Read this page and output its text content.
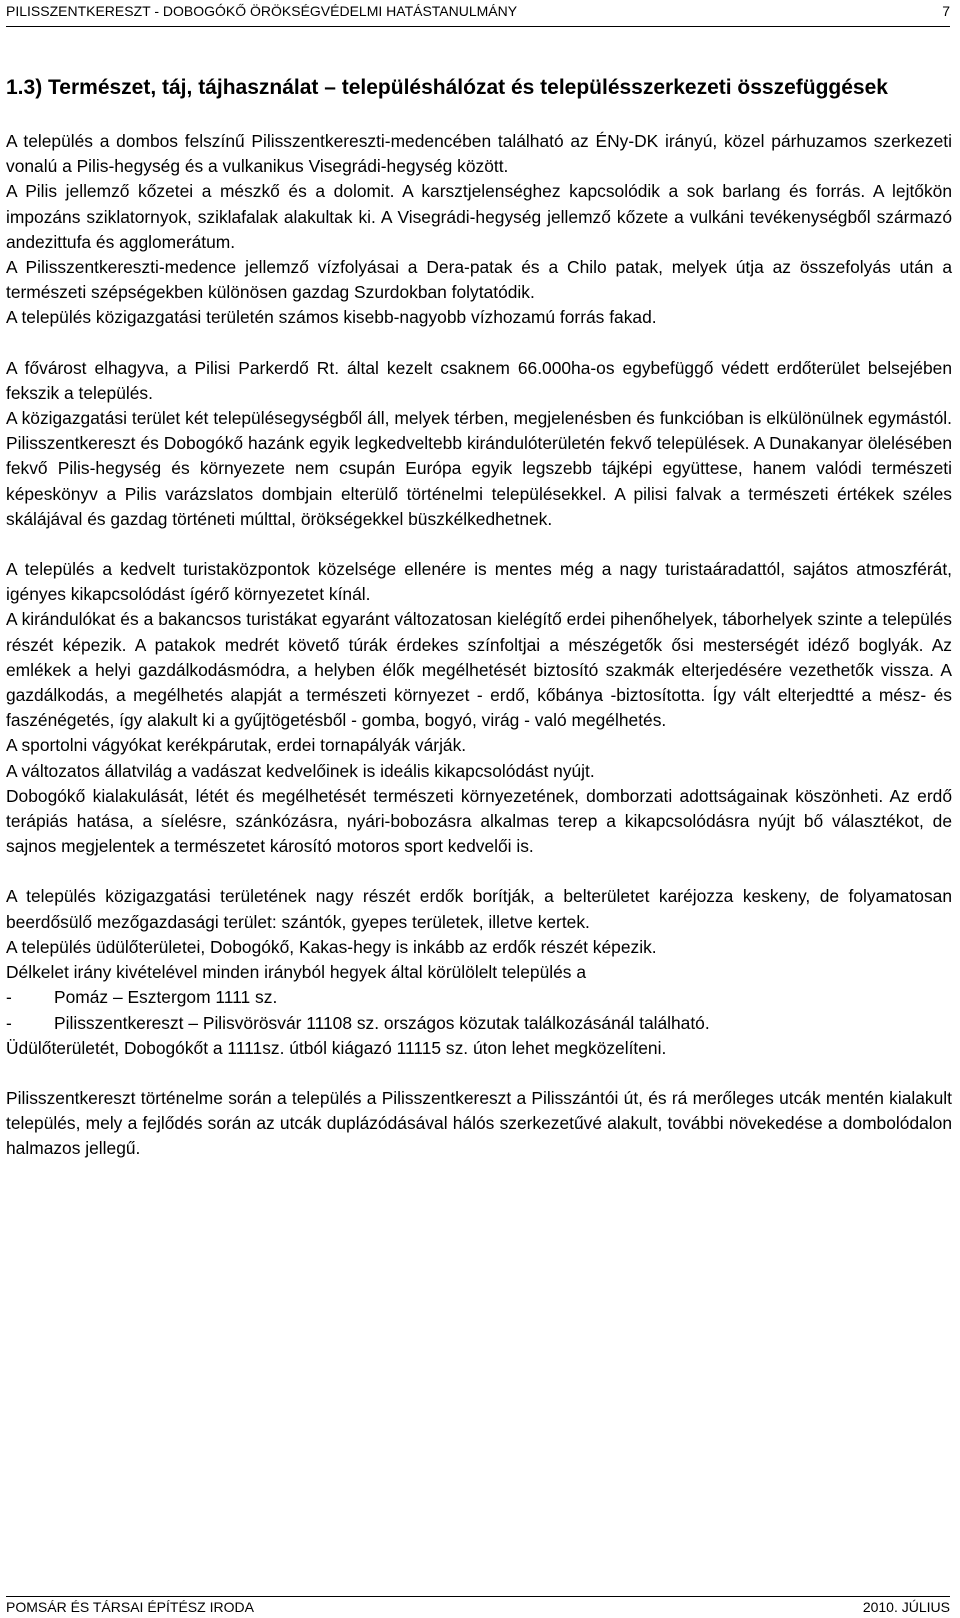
PILISSZENTKERESZT - DOBOGÓKŐ ÖRÖKSÉGVÉDELMI HATÁSTANULMÁNY	7
1.3) Természet, táj, tájhasználat – településhálózat és településszerkezeti összefüggések

A település a dombos felszínű Pilisszentkereszti-medencében található az ÉNy-DK irányú, közel párhuzamos szerkezeti vonalú a Pilis-hegység és a vulkanikus Visegrádi-hegység között.

A Pilis jellemző kőzetei a mészkő és a dolomit. A karsztjelenséghez kapcsolódik a sok barlang és forrás. A lejtőkön impozáns sziklatornyok, sziklafalak alakultak ki. A Visegrádi-hegység jellemző kőzete a vulkáni tevékenységből származó andezittufa és agglomerátum.

A Pilisszentkereszti-medence jellemző vízfolyásai a Dera-patak és a Chilo patak, melyek útja az összefolyás után a természeti szépségekben különösen gazdag Szurdokban folytatódik.

A település közigazgatási területén számos kisebb-nagyobb vízhozamú forrás fakad.

A fővárost elhagyva, a Pilisi Parkerdő Rt. által kezelt csaknem 66.000ha-os egybefüggő védett erdőterület belsejében fekszik a település.

A közigazgatási terület két településegységből áll, melyek térben, megjelenésben és funkcióban is elkülönülnek egymástól. Pilisszentkereszt és Dobogókő hazánk egyik legkedveltebb kirándulóterületén fekvő települések. A Dunakanyar ölelésében fekvő Pilis-hegység és környezete nem csupán Európa egyik legszebb tájképi együttese, hanem valódi természeti képeskönyv a Pilis varázslatos dombjain elterülő történelmi településekkel. A pilisi falvak a természeti értékek széles skálájával és gazdag történeti múlttal, örökségekkel büszkélkedhetnek.

A település a kedvelt turistaközpontok közelsége ellenére is mentes még a nagy turistaáradattól, sajátos atmoszférát, igényes kikapcsolódást ígérő környezetet kínál.

A kirándulókat és a bakancsos turistákat egyaránt változatosan kielégítő erdei pihenőhelyek, táborhelyek szinte a település részét képezik. A patakok medrét követő túrák érdekes színfoltjai a mészégetők ősi mesterségét idéző boglyák. Az emlékek a helyi gazdálkodásmódra, a helyben élők megélhetését biztosító szakmák elterjedésére vezethetők vissza. A gazdálkodás, a megélhetés alapját a természeti környezet - erdő, kőbánya -biztosította. Így vált elterjedtté a mész- és faszénégetés, így alakult ki a gyűjtögetésből - gomba, bogyó, virág - való megélhetés.

A sportolni vágyókat kerékpárutak, erdei tornapályák várják.

A változatos állatvilág a vadászat kedvelőinek is ideális kikapcsolódást nyújt.

Dobogókő kialakulását, létét és megélhetését természeti környezetének, domborzati adottságainak köszönheti. Az erdő terápiás hatása, a síelésre, szánkózásra, nyári-bobozásra alkalmas terep a kikapcsolódásra nyújt bő választékot, de sajnos megjelentek a természetet károsító motoros sport kedvelői is.

A település közigazgatási területének nagy részét erdők borítják, a belterületet karéjozza keskeny, de folyamatosan beerdősülő mezőgazdasági terület: szántók, gyepes területek, illetve kertek.

A település üdülőterületei, Dobogókő, Kakas-hegy is inkább az erdők részét képezik.

Délkelet irány kivételével minden irányból hegyek által körülölelt település a

-	Pomáz – Esztergom 1111 sz.
-	Pilisszentkereszt – Pilisvörösvár 11108 sz. országos közutak találkozásánál található.

Üdülőterületét, Dobogókőt a 1111sz. útból kiágazó 11115 sz. úton lehet megközelíteni.

Pilisszentkereszt történelme során a település a Pilisszentkereszt a Pilisszántói út, és rá merőleges utcák mentén kialakult település, mely a fejlődés során az utcák duplázódásával hálós szerkezetűvé alakult, további növekedése a dombolódalon halmazos jellegű.

POMSÁR ÉS TÁRSAI ÉPÍTÉSZ IRODA	2010. JÚLIUS
